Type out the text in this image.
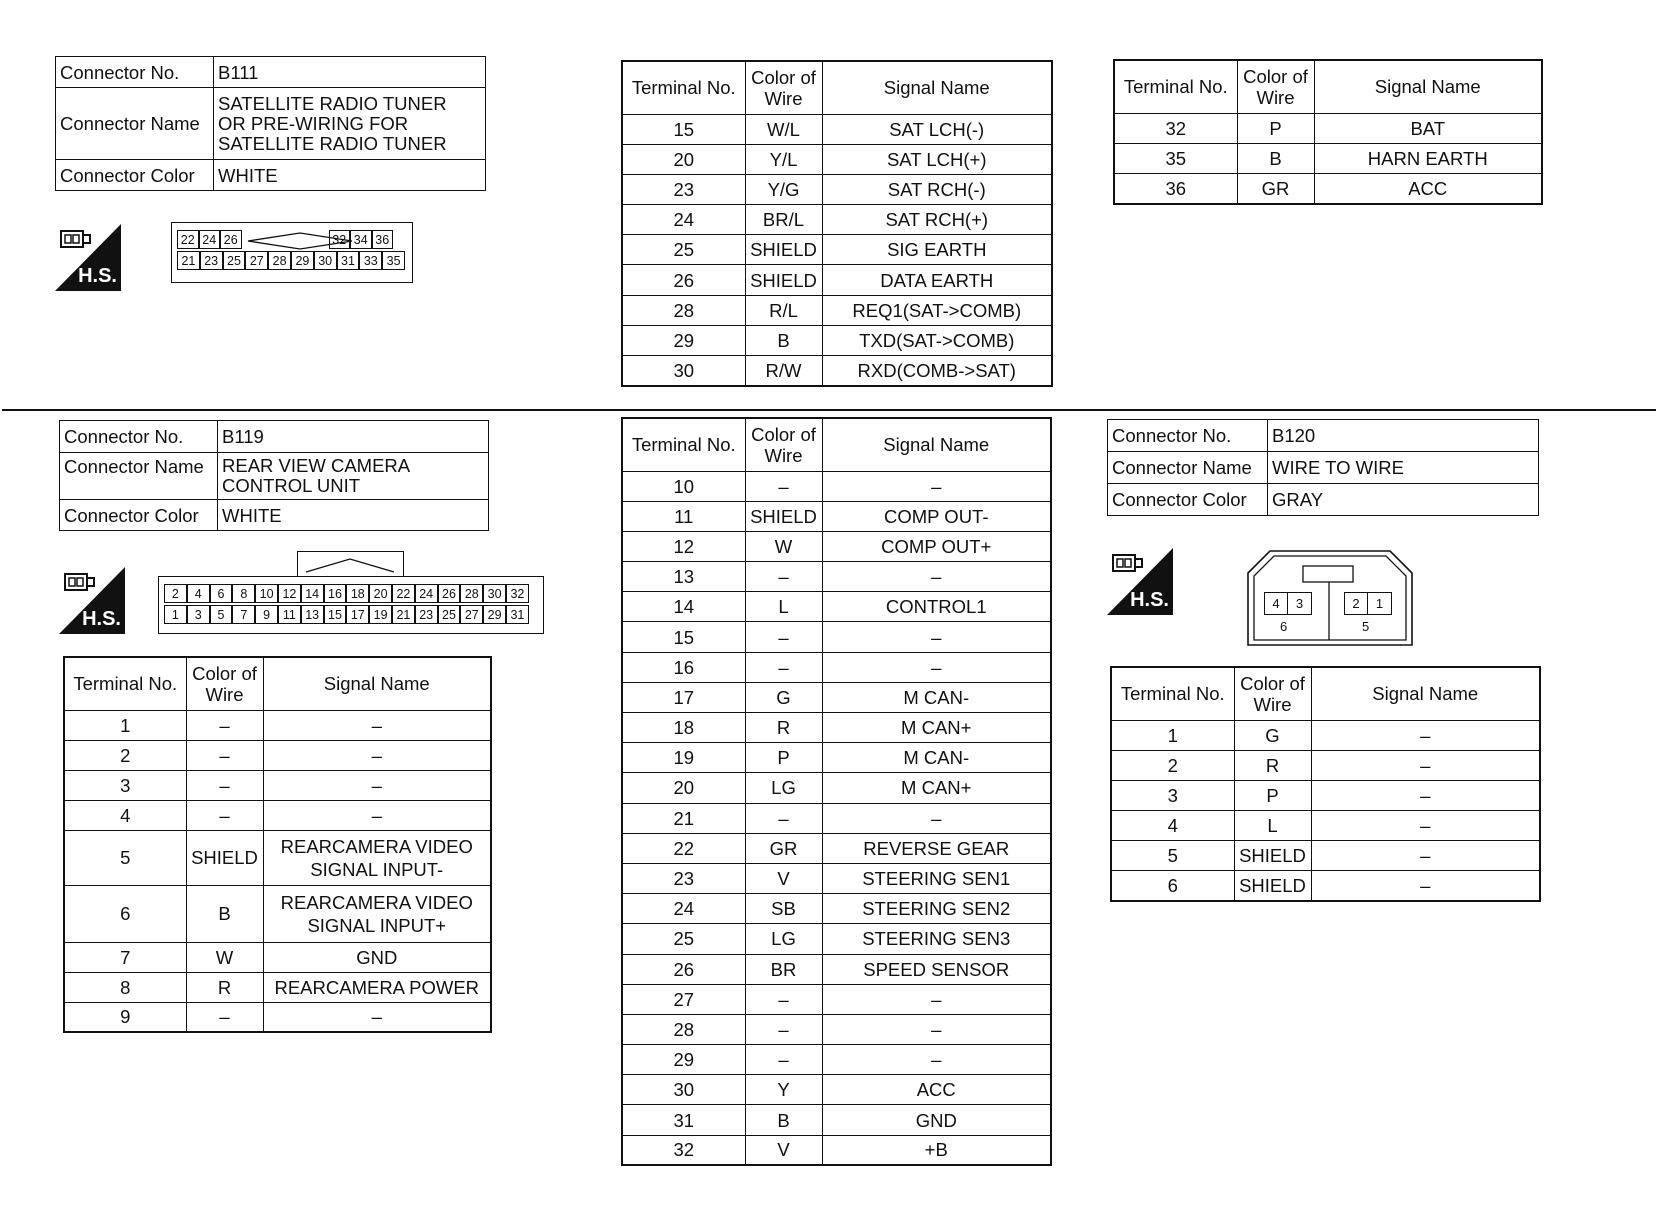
Connector No.	B111
Connector Name	SATELLITE RADIO TUNER OR PRE-WIRING FOR SATELLITE RADIO TUNER
Connector Color	WHITE
H.S.
22 24 26	32 34 36
21 23 25 27 28 29 30 31 33 35
Terminal No.	Color of Wire	Signal Name
15	W/L	SAT LCH(-)
20	Y/L	SAT LCH(+)
23	Y/G	SAT RCH(-)
24	BR/L	SAT RCH(+)
25	SHIELD	SIG EARTH
26	SHIELD	DATA EARTH
28	R/L	REQ1(SAT->COMB)
29	B	TXD(SAT->COMB)
30	R/W	RXD(COMB->SAT)
Terminal No.	Color of Wire	Signal Name
32	P	BAT
35	B	HARN EARTH
36	GR	ACC
Connector No.	B119
Connector Name	REAR VIEW CAMERA CONTROL UNIT
Connector Color	WHITE
H.S.
2	4	6	8 10 12 14 16 18 20 22 24 26 28 30 32
1	3	5	7	9	11 13 15 17 19 21 23 25 27 29 31
Terminal No.	Color of Wire	Signal Name
1	–	–
2	–	–
3	–	–
4	–	–
5	SHIELD	REARCAMERA VIDEO SIGNAL INPUT-
6	B	REARCAMERA VIDEO SIGNAL INPUT+
7	W	GND
8	R	REARCAMERA POWER
9	–	–
Terminal No.	Color of Wire	Signal Name
10	–	–
11	SHIELD	COMP OUT-
12	W	COMP OUT+
13	–	–
14	L	CONTROL1
15	–	–
16	–	–
17	G	M CAN-
18	R	M CAN+
19	P	M CAN-
20	LG	M CAN+
21	–	–
22	GR	REVERSE GEAR
23	V	STEERING SEN1
24	SB	STEERING SEN2
25	LG	STEERING SEN3
26	BR	SPEED SENSOR
27	–	–
28	–	–
29	–	–
30	Y	ACC
31	B	GND
32	V	+B
Connector No.	B120
Connector Name	WIRE TO WIRE
Connector Color	GRAY
H.S.	4	3	2	1
6	5
Terminal No.	Color of Wire	Signal Name
1	G	–
2	R	–
3	P	–
4	L	–
5	SHIELD	–
6	SHIELD	–
